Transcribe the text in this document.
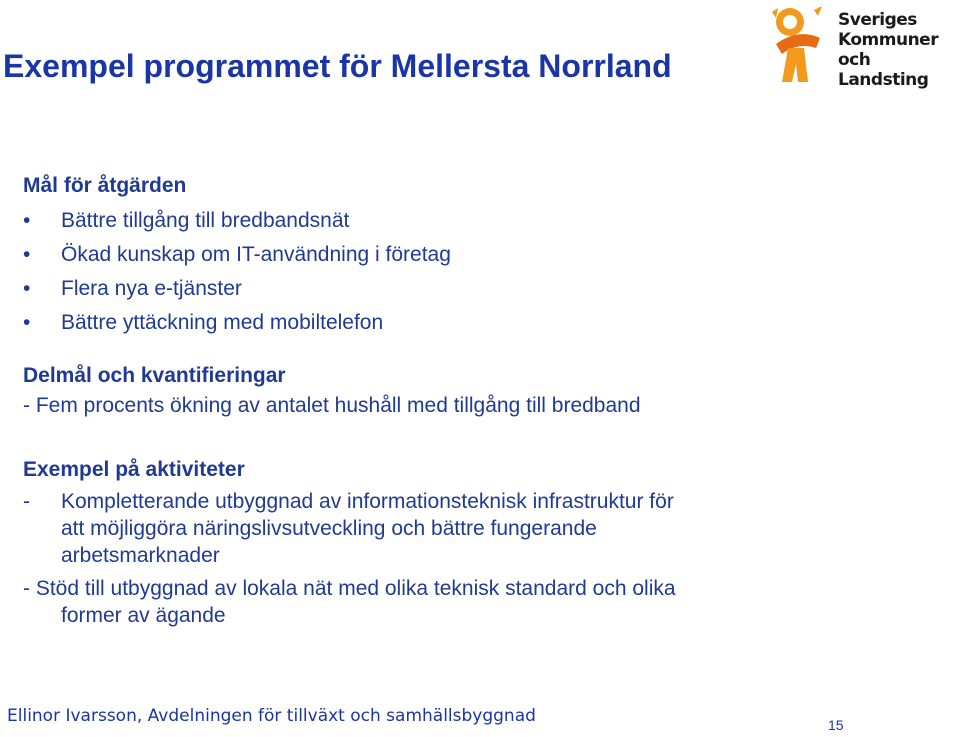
Exempel programmet för Mellersta Norrland
Sveriges
Kommuner
och Landsting
Mål för åtgärden
• Bättre tillgång till bredbandsnät
• Ökad kunskap om IT-användning i företag
• Flera nya e-tjänster
• Bättre yttäckning med mobiltelefon
Delmål och kvantifieringar
- Fem procents ökning av antalet hushåll med tillgång till bredband
Exempel på aktiviteter
- Kompletterande utbyggnad av informationsteknisk infrastruktur för
att möjliggöra näringslivsutveckling och bättre fungerande
arbetsmarknader
- Stöd till utbyggnad av lokala nät med olika teknisk standard och olika
former av ägande
Ellinor Ivarsson, Avdelningen för tillväxt och samhällsbyggnad	15
